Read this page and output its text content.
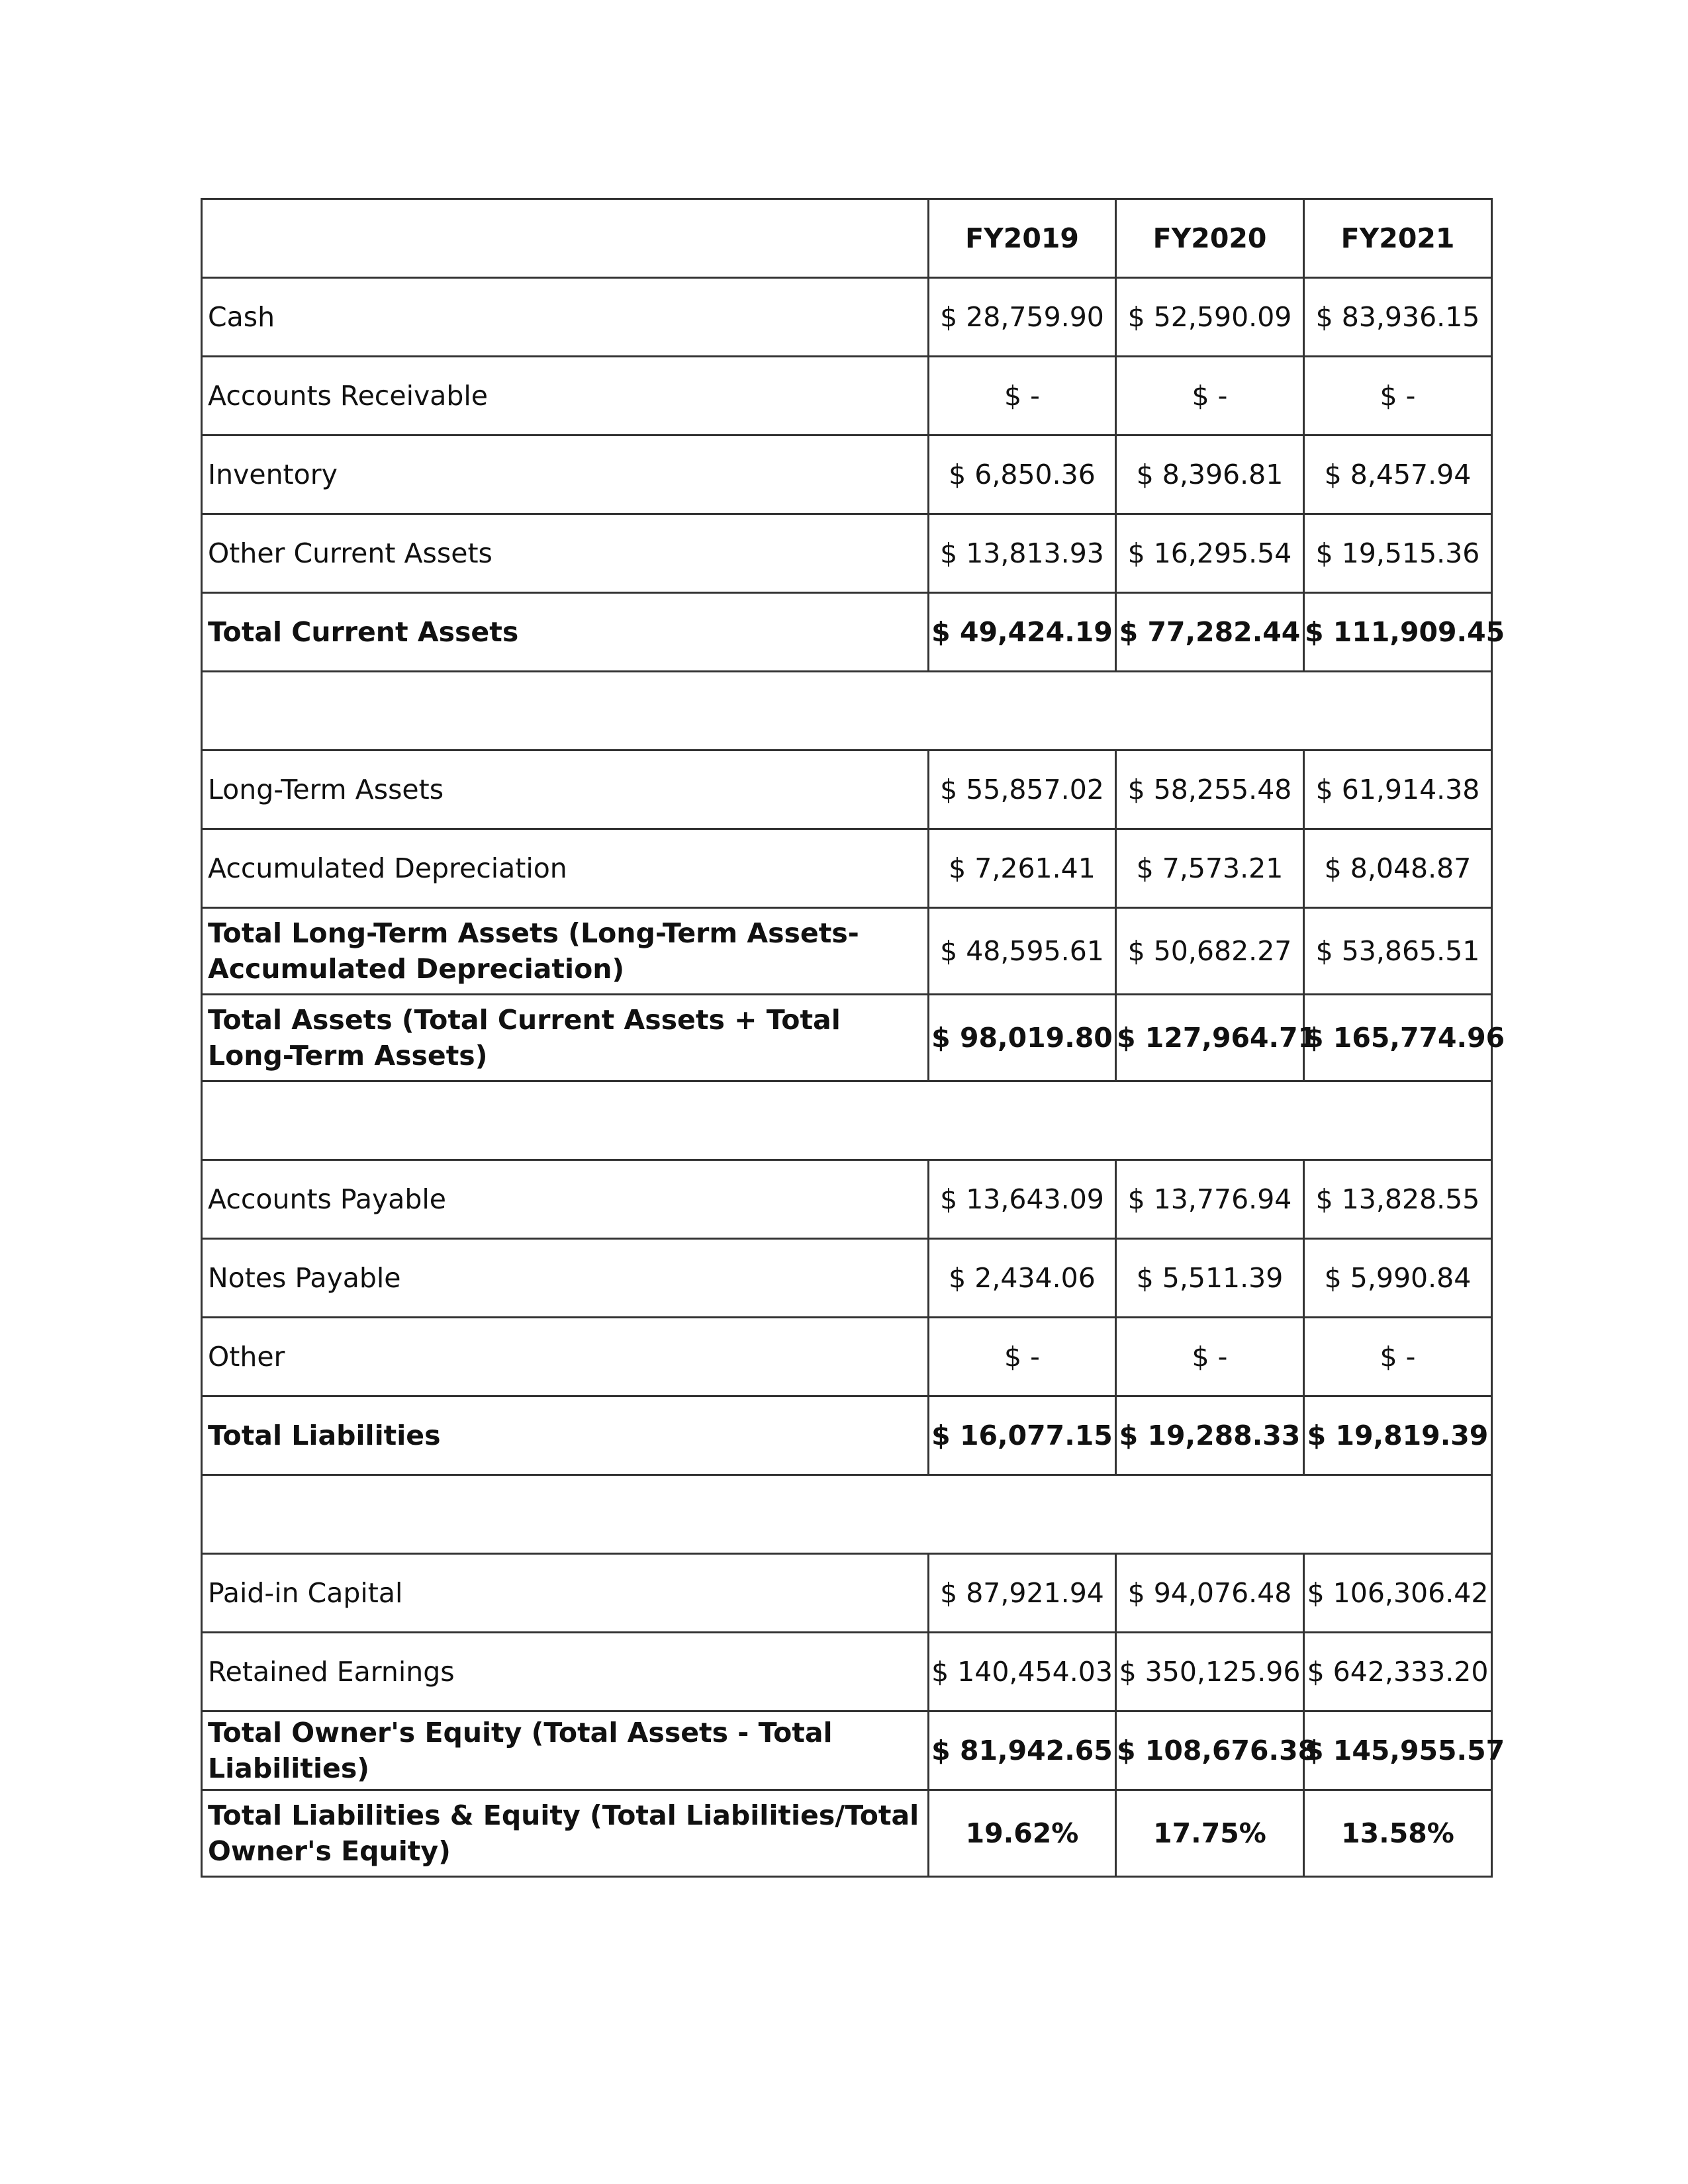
	FY2019	FY2020	FY2021
Cash	$ 28,759.90	$ 52,590.09	$ 83,936.15
Accounts Receivable	$ -	$ -	$ -
Inventory	$ 6,850.36	$ 8,396.81	$ 8,457.94
Other Current Assets	$ 13,813.93	$ 16,295.54	$ 19,515.36
Total Current Assets	$ 49,424.19	$ 77,282.44	$ 111,909.45

Long-Term Assets	$ 55,857.02	$ 58,255.48	$ 61,914.38
Accumulated Depreciation	$ 7,261.41	$ 7,573.21	$ 8,048.87
Total Long-Term Assets (Long-Term Assets-Accumulated Depreciation)	$ 48,595.61	$ 50,682.27	$ 53,865.51
Total Assets (Total Current Assets + Total Long-Term Assets)	$ 98,019.80	$ 127,964.71	$ 165,774.96

Accounts Payable	$ 13,643.09	$ 13,776.94	$ 13,828.55
Notes Payable	$ 2,434.06	$ 5,511.39	$ 5,990.84
Other	$ -	$ -	$ -
Total Liabilities	$ 16,077.15	$ 19,288.33	$ 19,819.39

Paid-in Capital	$ 87,921.94	$ 94,076.48	$ 106,306.42
Retained Earnings	$ 140,454.03	$ 350,125.96	$ 642,333.20
Total Owner's Equity (Total Assets - Total Liabilities)	$ 81,942.65	$ 108,676.38	$ 145,955.57
Total Liabilities & Equity (Total Liabilities/Total Owner's Equity)	19.62%	17.75%	13.58%
